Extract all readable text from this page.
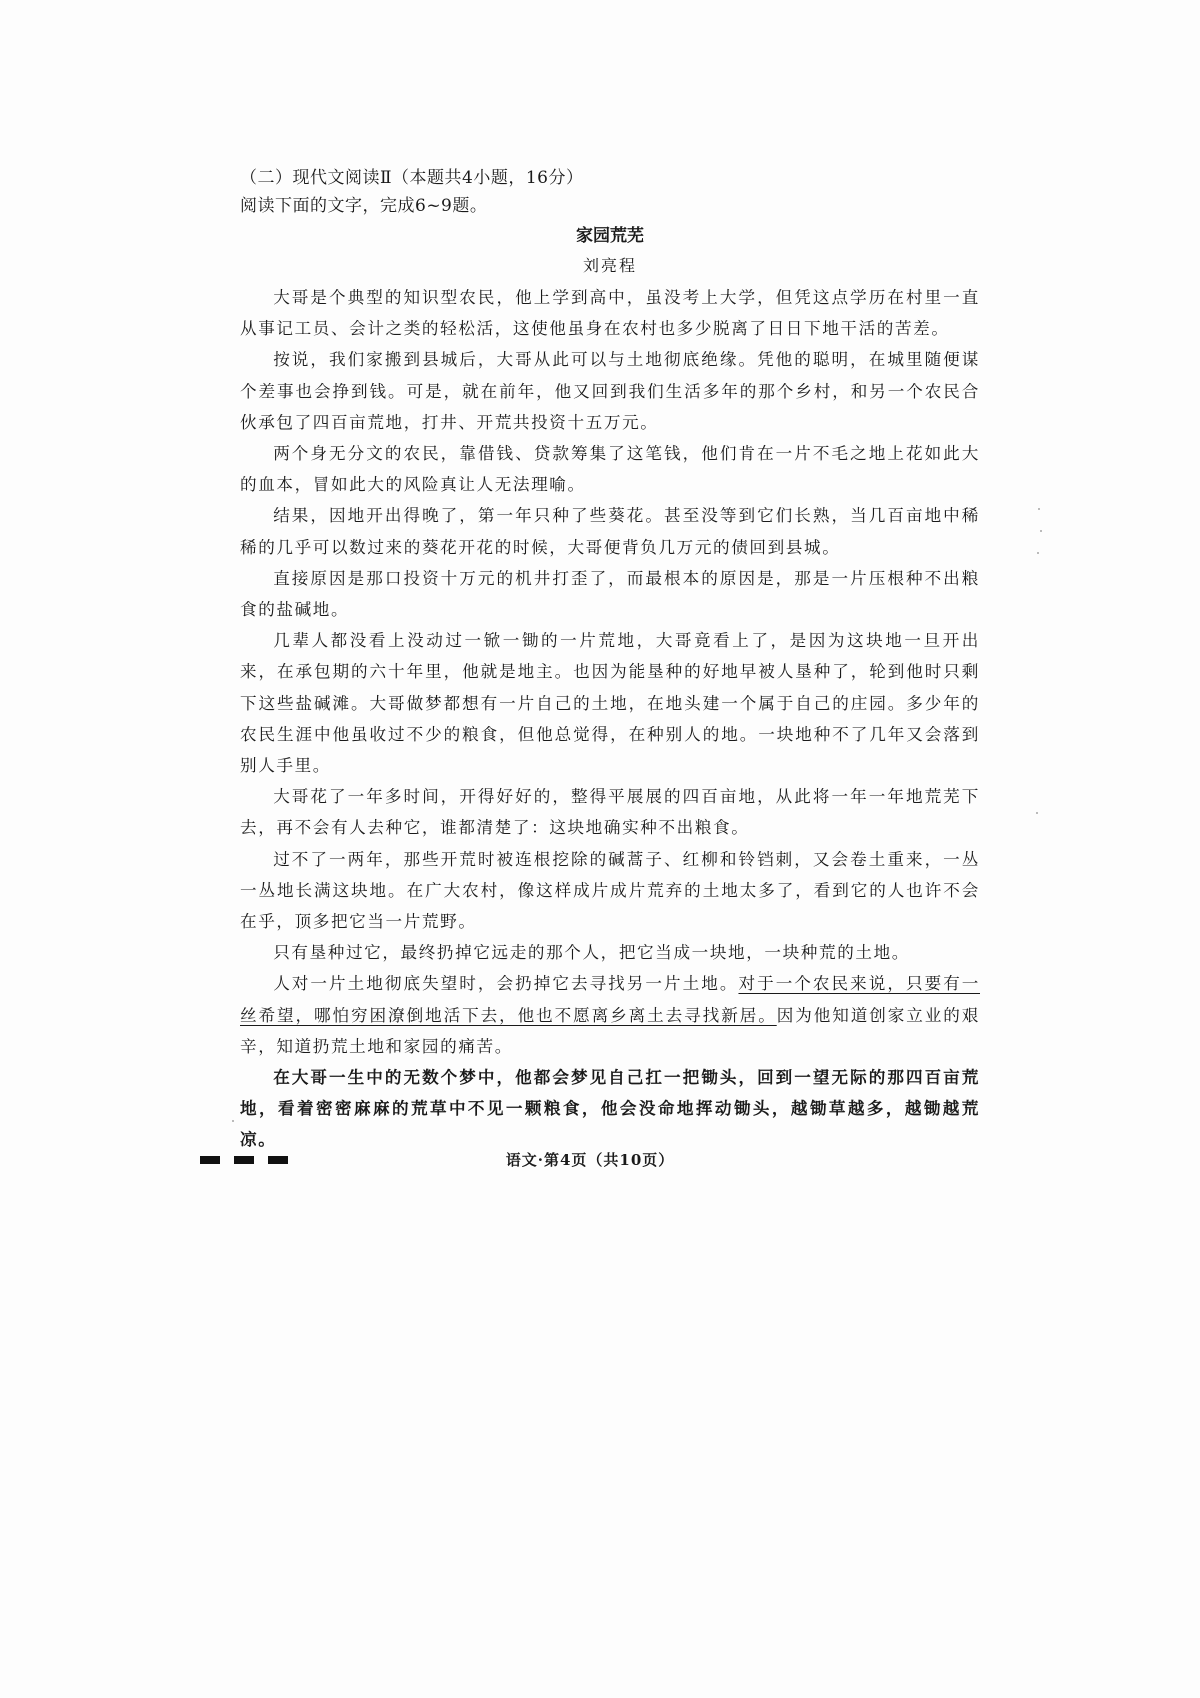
（二）现代文阅读Ⅱ（本题共4小题，16分）

阅读下面的文字，完成6~9题。

家园荒芜

刘亮程

大哥是个典型的知识型农民，他上学到高中，虽没考上大学，但凭这点学历在村里一直从事记工员、会计之类的轻松活，这使他虽身在农村也多少脱离了日日下地干活的苦差。

按说，我们家搬到县城后，大哥从此可以与土地彻底绝缘。凭他的聪明，在城里随便谋个差事也会挣到钱。可是，就在前年，他又回到我们生活多年的那个乡村，和另一个农民合伙承包了四百亩荒地，打井、开荒共投资十五万元。

两个身无分文的农民，靠借钱、贷款筹集了这笔钱，他们肯在一片不毛之地上花如此大的血本，冒如此大的风险真让人无法理喻。

结果，因地开出得晚了，第一年只种了些葵花。甚至没等到它们长熟，当几百亩地中稀稀的几乎可以数过来的葵花开花的时候，大哥便背负几万元的债回到县城。

直接原因是那口投资十万元的机井打歪了，而最根本的原因是，那是一片压根种不出粮食的盐碱地。

几辈人都没看上没动过一锨一锄的一片荒地，大哥竟看上了，是因为这块地一旦开出来，在承包期的六十年里，他就是地主。也因为能垦种的好地早被人垦种了，轮到他时只剩下这些盐碱滩。大哥做梦都想有一片自己的土地，在地头建一个属于自己的庄园。多少年的农民生涯中他虽收过不少的粮食，但他总觉得，在种别人的地。一块地种不了几年又会落到别人手里。

大哥花了一年多时间，开得好好的，整得平展展的四百亩地，从此将一年一年地荒芜下去，再不会有人去种它，谁都清楚了：这块地确实种不出粮食。

过不了一两年，那些开荒时被连根挖除的碱蒿子、红柳和铃铛刺，又会卷土重来，一丛一丛地长满这块地。在广大农村，像这样成片成片荒弃的土地太多了，看到它的人也许不会在乎，顶多把它当一片荒野。

只有垦种过它，最终扔掉它远走的那个人，把它当成一块地，一块种荒的土地。

人对一片土地彻底失望时，会扔掉它去寻找另一片土地。对于一个农民来说，只要有一丝希望，哪怕穷困潦倒地活下去，他也不愿离乡离土去寻找新居。因为他知道创家立业的艰辛，知道扔荒土地和家园的痛苦。

在大哥一生中的无数个梦中，他都会梦见自己扛一把锄头，回到一望无际的那四百亩荒地，看着密密麻麻的荒草中不见一颗粮食，他会没命地挥动锄头，越锄草越多，越锄越荒凉。

语文·第4页（共10页）
